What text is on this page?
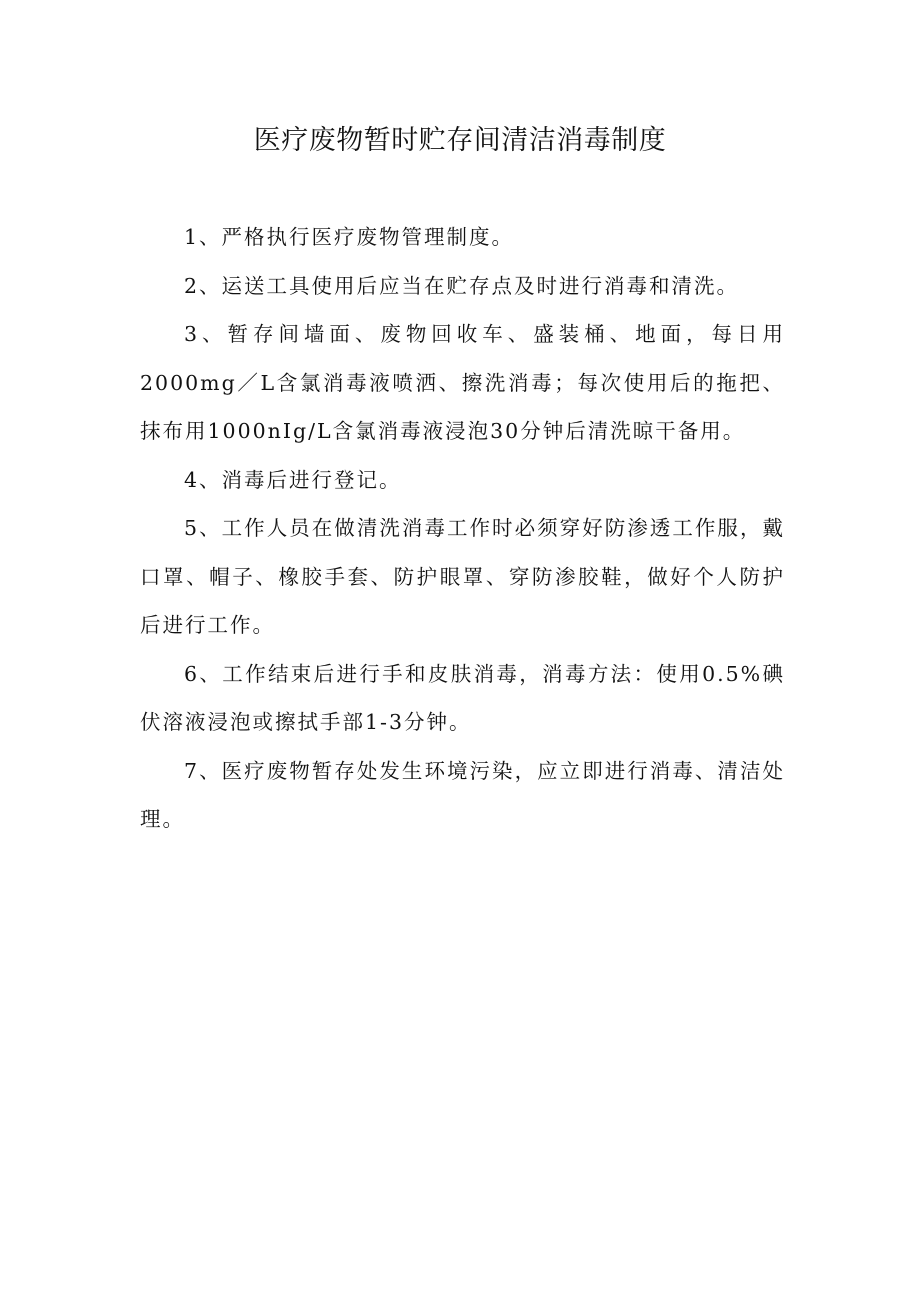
医疗废物暂时贮存间清洁消毒制度

1、严格执行医疗废物管理制度。

2、运送工具使用后应当在贮存点及时进行消毒和清洗。

3、暂存间墙面、废物回收车、盛装桶、地面，每日用2000mg／L含氯消毒液喷洒、擦洗消毒；每次使用后的拖把、抹布用1000nIg/L含氯消毒液浸泡30分钟后清洗晾干备用。

4、消毒后进行登记。

5、工作人员在做清洗消毒工作时必须穿好防渗透工作服，戴口罩、帽子、橡胶手套、防护眼罩、穿防渗胶鞋，做好个人防护后进行工作。

6、工作结束后进行手和皮肤消毒，消毒方法：使用0.5%碘伏溶液浸泡或擦拭手部1-3分钟。

7、医疗废物暂存处发生环境污染，应立即进行消毒、清洁处理。
